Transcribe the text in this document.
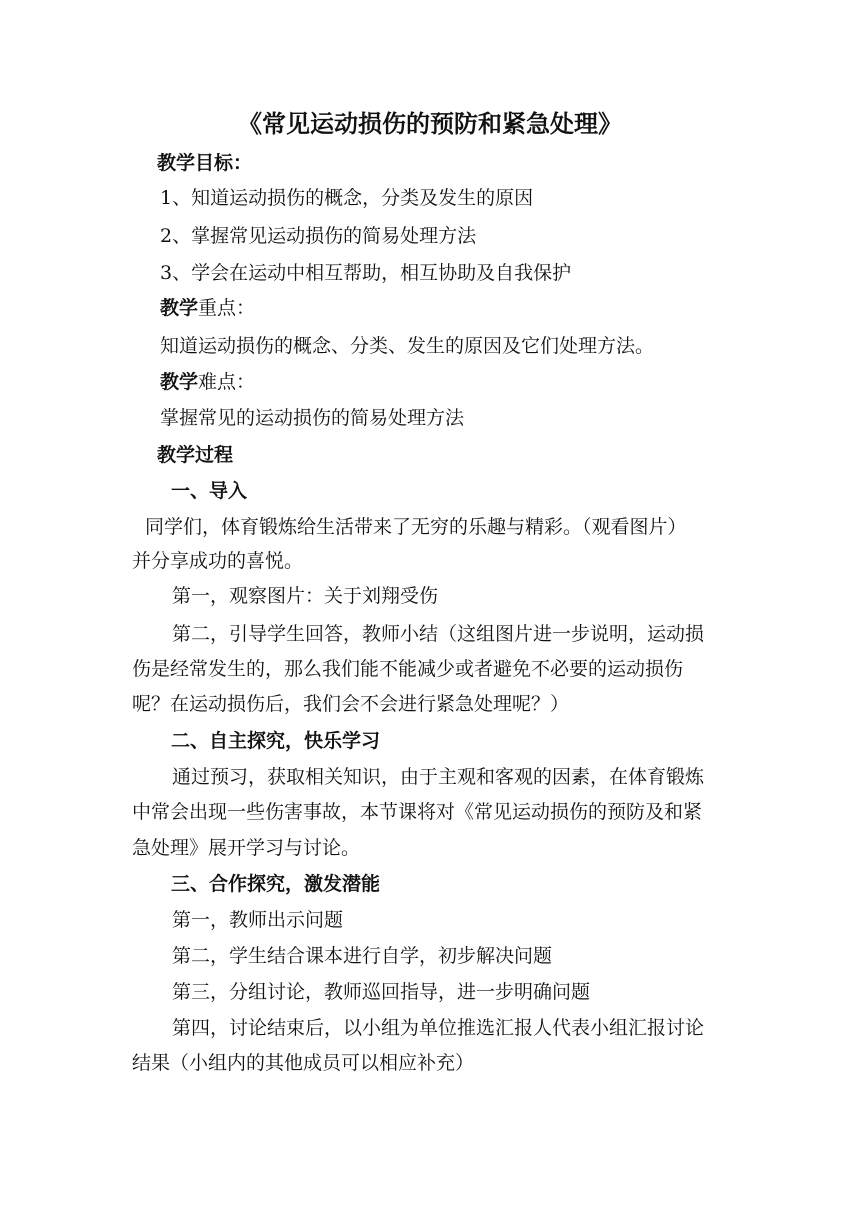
《常见运动损伤的预防和紧急处理》
教学目标：
1、知道运动损伤的概念，分类及发生的原因
2、掌握常见运动损伤的简易处理方法
3、学会在运动中相互帮助，相互协助及自我保护
教学重点：
知道运动损伤的概念、分类、发生的原因及它们处理方法。
教学难点：
掌握常见的运动损伤的简易处理方法
教学过程
一、导入
同学们，体育锻炼给生活带来了无穷的乐趣与精彩。（观看图片）
并分享成功的喜悦。
第一，观察图片：关于刘翔受伤
第二，引导学生回答，教师小结（这组图片进一步说明，运动损
伤是经常发生的，那么我们能不能减少或者避免不必要的运动损伤
呢？在运动损伤后，我们会不会进行紧急处理呢？）
二、自主探究，快乐学习
通过预习，获取相关知识，由于主观和客观的因素，在体育锻炼
中常会出现一些伤害事故，本节课将对《常见运动损伤的预防及和紧
急处理》展开学习与讨论。
三、合作探究，激发潜能
第一，教师出示问题
第二，学生结合课本进行自学，初步解决问题
第三，分组讨论，教师巡回指导，进一步明确问题
第四，讨论结束后，以小组为单位推选汇报人代表小组汇报讨论
结果（小组内的其他成员可以相应补充）
